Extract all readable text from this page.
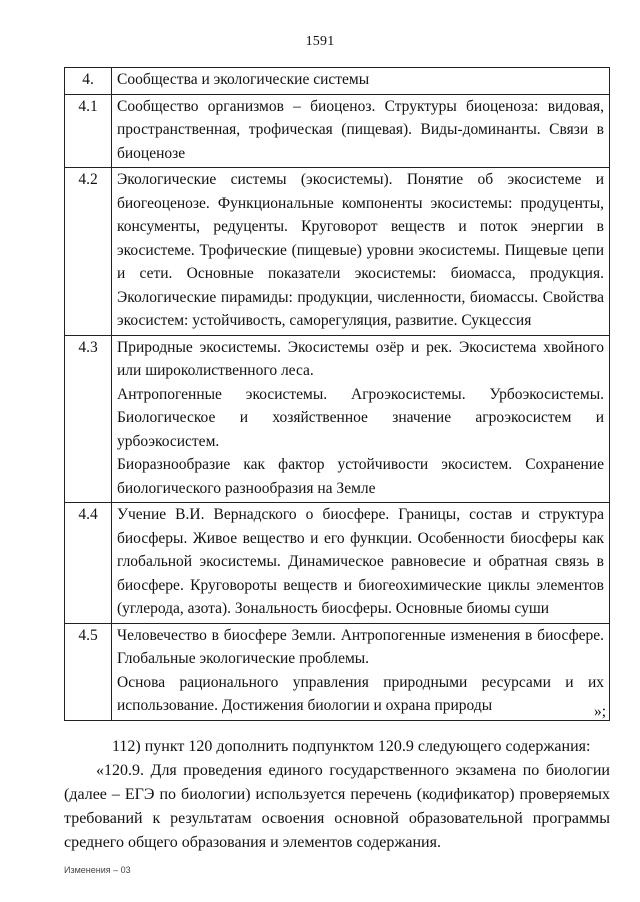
1591
4.	Сообщества и экологические системы

4.1	Сообщество организмов – биоценоз. Структуры биоценоза: видовая, пространственная, трофическая (пищевая). Виды-доминанты. Связи в биоценозе

4.2	Экологические системы (экосистемы). Понятие об экосистеме и биогеоценозе. Функциональные компоненты экосистемы: продуценты, консументы, редуценты. Круговорот веществ и поток энергии в экосистеме. Трофические (пищевые) уровни экосистемы. Пищевые цепи и сети. Основные показатели экосистемы: биомасса, продукция. Экологические пирамиды: продукции, численности, биомассы. Свойства экосистем: устойчивость, саморегуляция, развитие. Сукцессия

4.3	Природные экосистемы. Экосистемы озёр и рек. Экосистема хвойного или широколиственного леса.

Антропогенные экосистемы. Агроэкосистемы. Урбоэкосистемы. Биологическое и хозяйственное значение агроэкосистем и урбоэкосистем.

Биоразнообразие как фактор устойчивости экосистем. Сохранение биологического разнообразия на Земле

4.4	Учение В.И. Вернадского о биосфере. Границы, состав и структура биосферы. Живое вещество и его функции. Особенности биосферы как глобальной экосистемы. Динамическое равновесие и обратная связь в биосфере. Круговороты веществ и биогеохимические циклы элементов (углерода, азота). Зональность биосферы. Основные биомы суши

4.5	Человечество в биосфере Земли. Антропогенные изменения в биосфере. Глобальные экологические проблемы.

Основа рационального управления природными ресурсами и их использование. Достижения биологии и охрана природы	»;

112) пункт 120 дополнить подпунктом 120.9 следующего содержания:

«120.9. Для проведения единого государственного экзамена по биологии (далее – ЕГЭ по биологии) используется перечень (кодификатор) проверяемых требований к результатам освоения основной образовательной программы среднего общего образования и элементов содержания.

Изменения – 03
